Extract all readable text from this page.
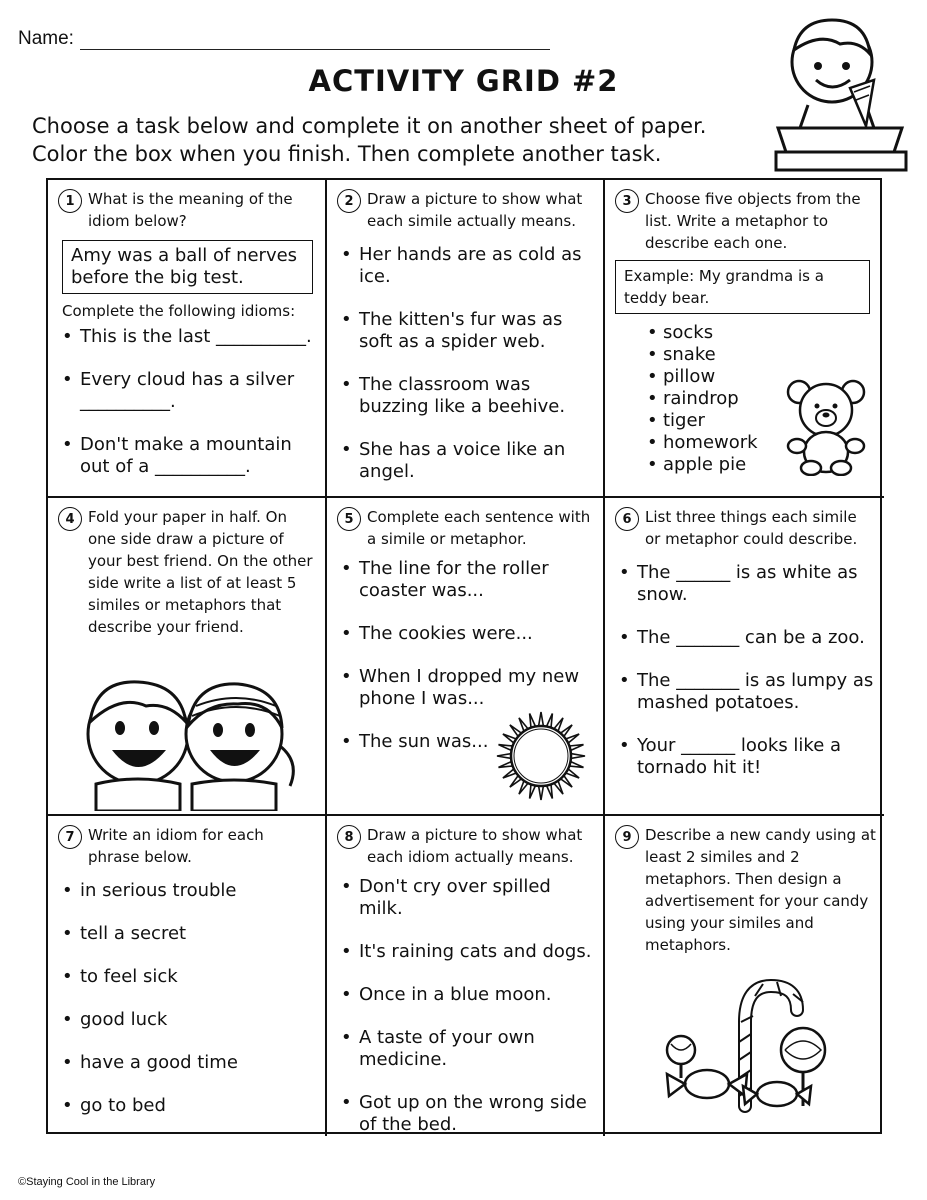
Name:
ACTIVITY GRID #2
Choose a task below and complete it on another sheet of paper.
Color the box when you finish. Then complete another task.
1 What is the meaning of the idiom below?
Amy was a ball of nerves before the big test.
Complete the following idioms:
• This is the last __________.
• Every cloud has a silver __________.
• Don't make a mountain out of a __________.
2 Draw a picture to show what each simile actually means.
• Her hands are as cold as ice.
• The kitten's fur was as soft as a spider web.
• The classroom was buzzing like a beehive.
• She has a voice like an angel.
3 Choose five objects from the list. Write a metaphor to describe each one.
Example: My grandma is a teddy bear.
• socks
• snake
• pillow
• raindrop
• tiger
• homework
• apple pie
4 Fold your paper in half. On one side draw a picture of your best friend. On the other side write a list of at least 5 similes or metaphors that describe your friend.
5 Complete each sentence with a simile or metaphor.
• The line for the roller coaster was...
• The cookies were...
• When I dropped my new phone I was...
• The sun was...
6 List three things each simile or metaphor could describe.
• The ______ is as white as snow.
• The _______ can be a zoo.
• The _______ is as lumpy as mashed potatoes.
• Your ______ looks like a tornado hit it!
7 Write an idiom for each phrase below.
• in serious trouble
• tell a secret
• to feel sick
• good luck
• have a good time
• go to bed
8 Draw a picture to show what each idiom actually means.
• Don't cry over spilled milk.
• It's raining cats and dogs.
• Once in a blue moon.
• A taste of your own medicine.
• Got up on the wrong side of the bed.
9 Describe a new candy using at least 2 similes and 2 metaphors. Then design a advertisement for your candy using your similes and metaphors.
©Staying Cool in the Library
